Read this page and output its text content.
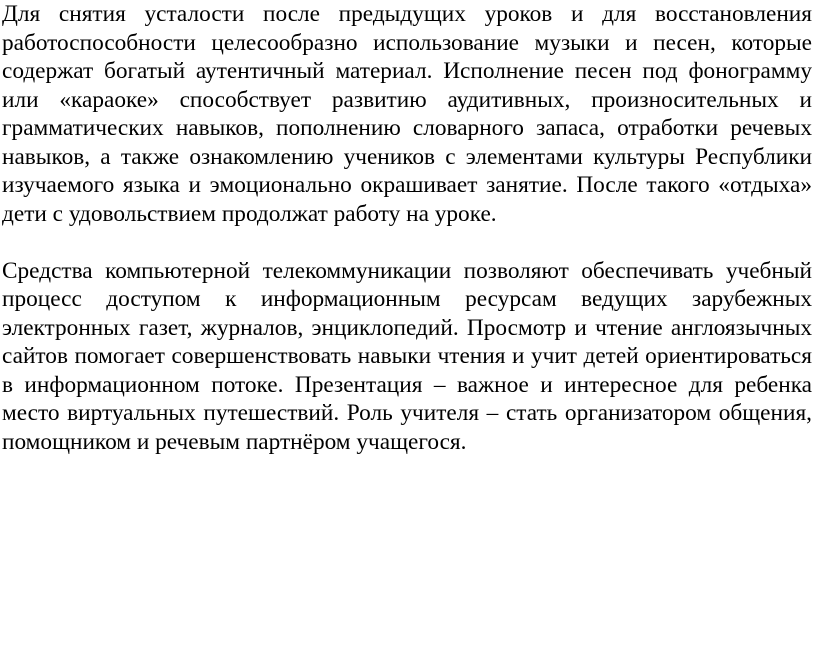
Для снятия усталости после предыдущих уроков и для восстановления работоспособности целесообразно использование музыки и песен, которые содержат богатый аутентичный материал. Исполнение песен под фонограмму или «караоке» способствует развитию аудитивных, произносительных и грамматических навыков, пополнению словарного запаса, отработки речевых навыков, а также ознакомлению учеников с элементами культуры Республики изучаемого языка и эмоционально окрашивает занятие. После такого «отдыха» дети с удовольствием продолжат работу на уроке.

Средства компьютерной телекоммуникации позволяют обеспечивать учебный процесс доступом к информационным ресурсам ведущих зарубежных электронных газет, журналов, энциклопедий. Просмотр и чтение англоязычных сайтов помогает совершенствовать навыки чтения и учит детей ориентироваться в информационном потоке. Презентация – важное и интересное для ребенка место виртуальных путешествий. Роль учителя – стать организатором общения, помощником и речевым партнёром учащегося.
